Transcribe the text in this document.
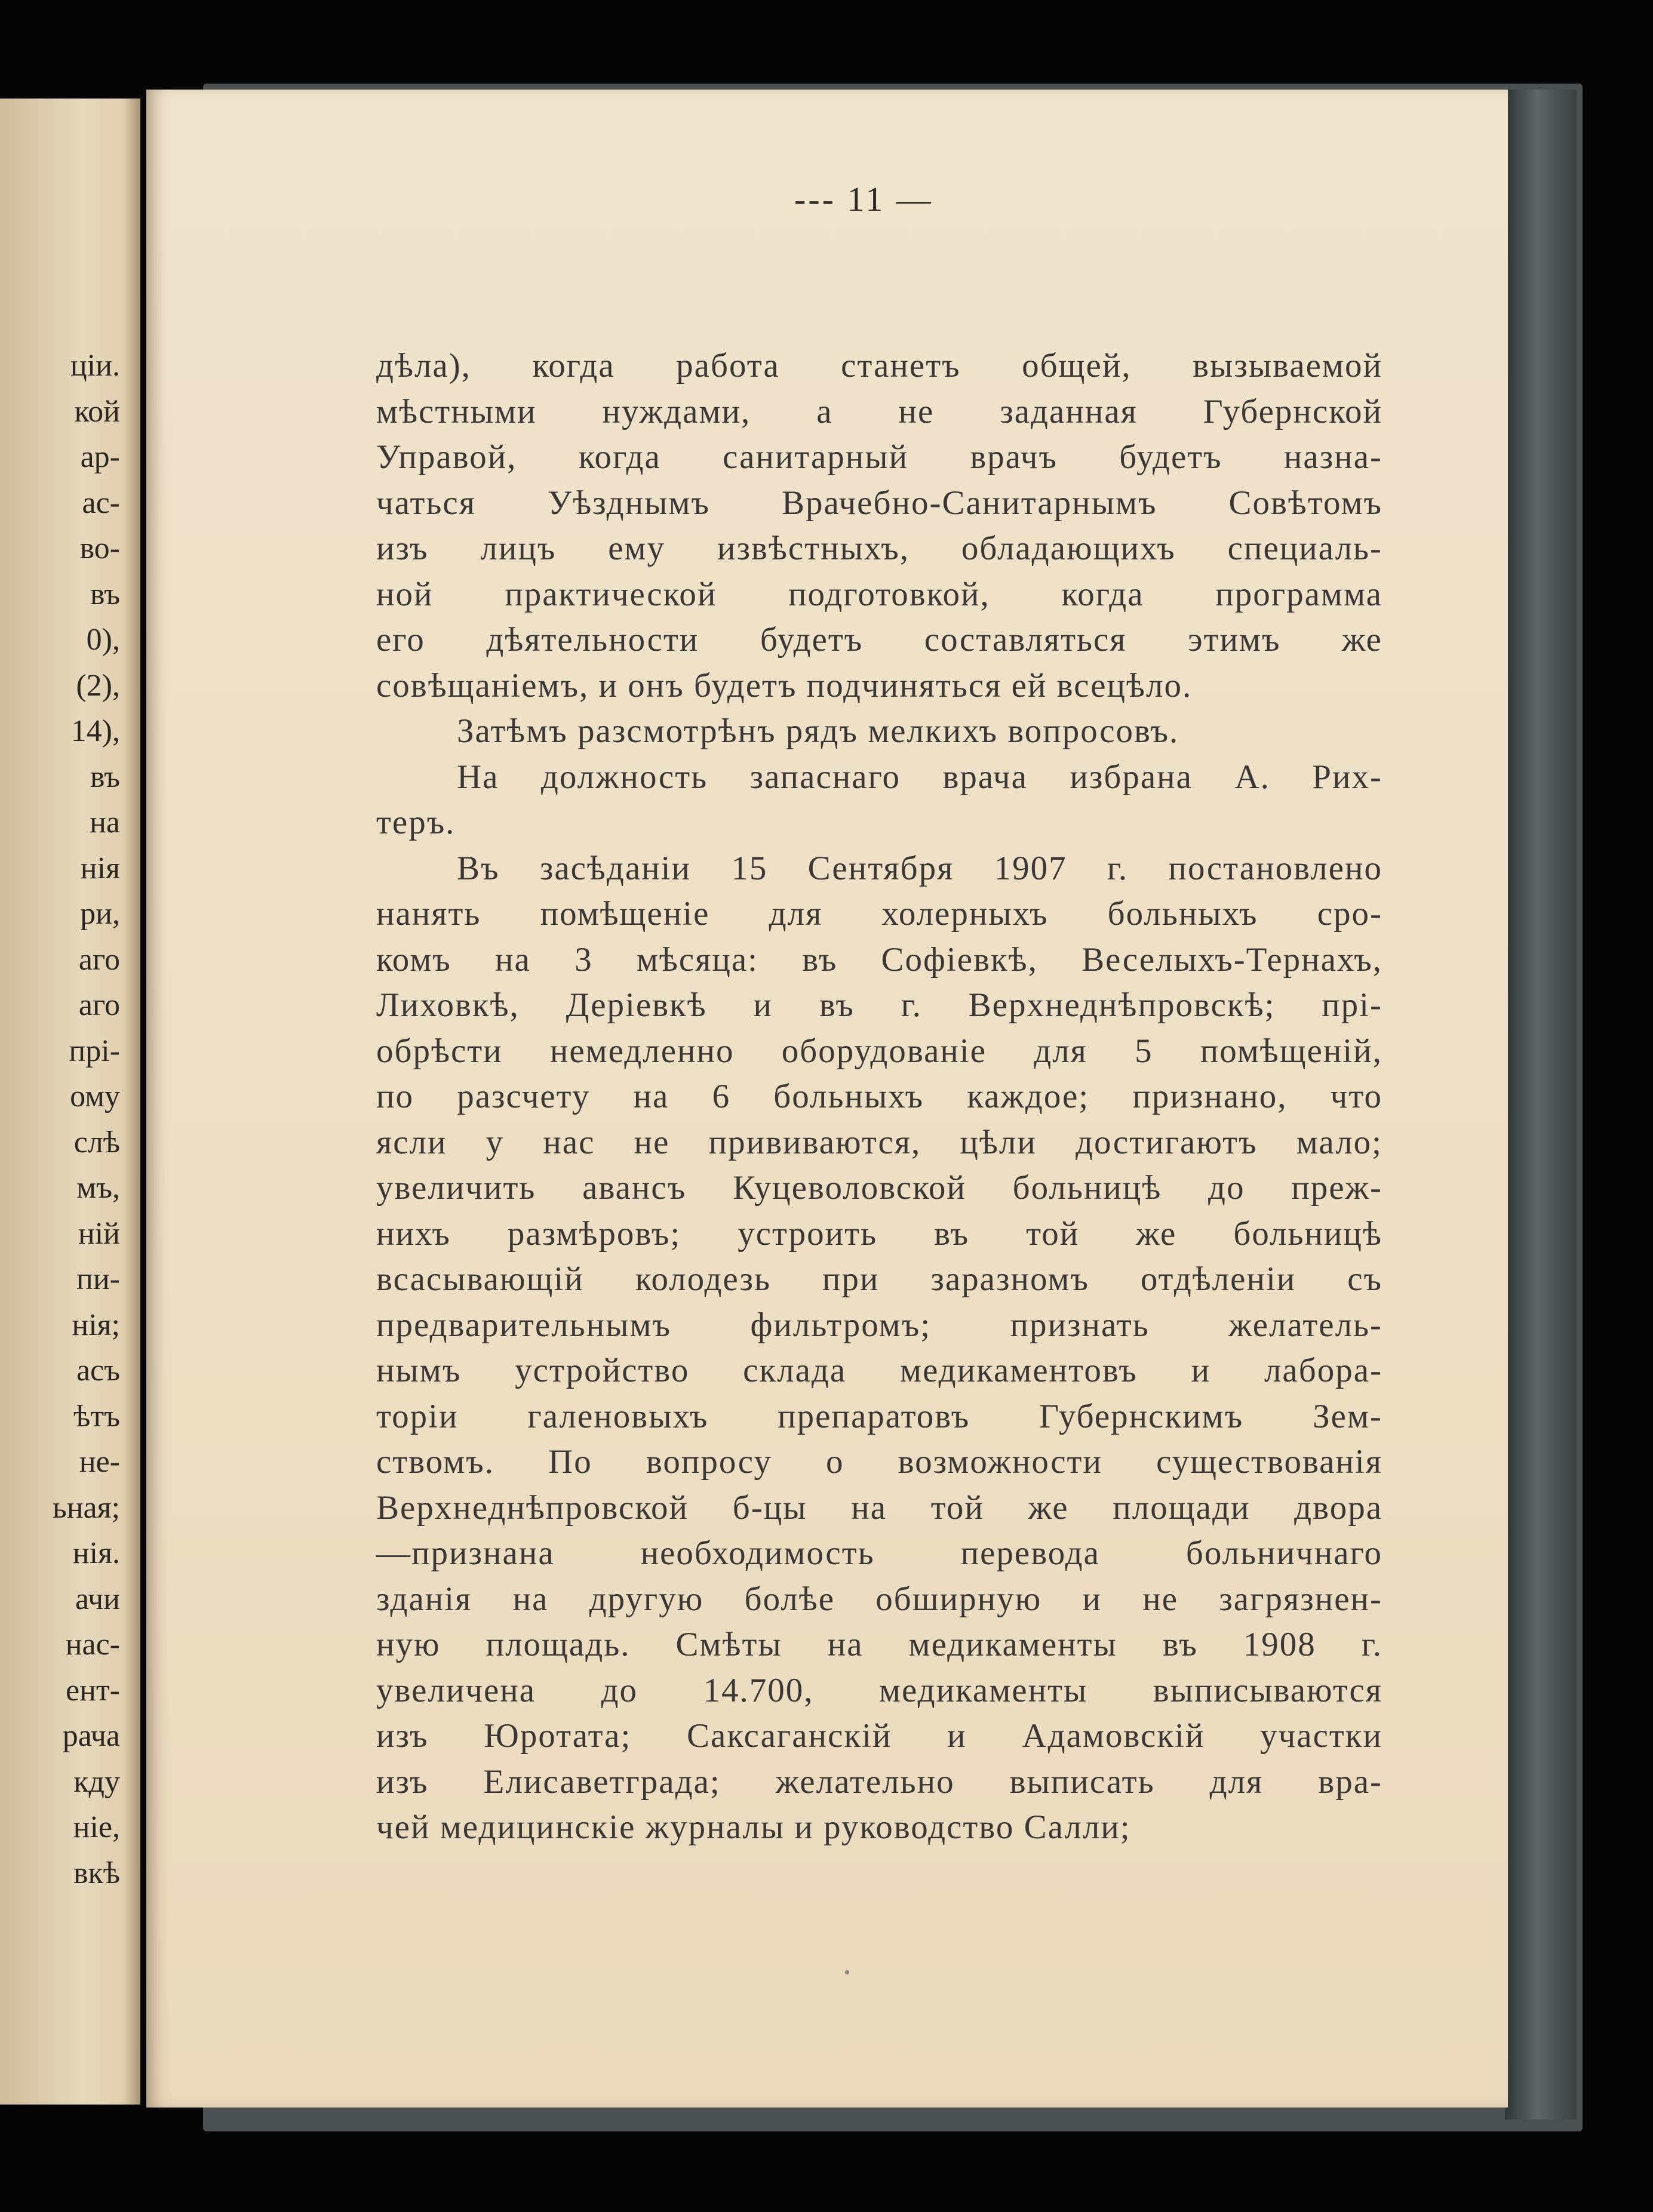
ціи.

кой

ар-

ас-

во-

въ

0),

(2),

14),

въ

на

нія

ри,

аго

аго

прі-

ому

слѣ

мъ,

ній

пи-

нія;

асъ

ѣтъ

не-

ьная;

нія.

ачи

нас-

ент-

рача

кду

ніе,

вкѣ

--- 11 —

дѣла), когда работа станетъ общей, вызываемой
мѣстными нуждами, а не заданная Губернской
Управой, когда санитарный врачъ будетъ назна-
чаться Уѣзднымъ Врачебно-Санитарнымъ Совѣтомъ
изъ лицъ ему извѣстныхъ, обладающихъ специаль-
ной практической подготовкой, когда программа
его дѣятельности будетъ составляться этимъ же
совѣщаніемъ, и онъ будетъ подчиняться ей всецѣло.

Затѣмъ разсмотрѣнъ рядъ мелкихъ вопросовъ.

На должность запаснаго врача избрана А. Рих-
теръ.

Въ засѣданіи 15 Сентября 1907 г. постановлено
нанять помѣщеніе для холерныхъ больныхъ сро-
комъ на 3 мѣсяца: въ Софіевкѣ, Веселыхъ-Тернахъ,
Лиховкѣ, Деріевкѣ и въ г. Верхнеднѣпровскѣ; прі-
обрѣсти немедленно оборудованіе для 5 помѣщеній,
по разсчету на 6 больныхъ каждое; признано, что
ясли у нас не прививаются, цѣли достигаютъ мало;
увеличить авансъ Куцеволовской больницѣ до преж-
нихъ размѣровъ; устроить въ той же больницѣ
всасывающій колодезь при заразномъ отдѣленіи съ
предварительнымъ фильтромъ; признать желатель-
нымъ устройство склада медикаментовъ и лабора-
торіи галеновыхъ препаратовъ Губернскимъ Зем-
ствомъ. По вопросу о возможности существованія
Верхнеднѣпровской б-цы на той же площади двора
—признана необходимость перевода больничнаго
зданія на другую болѣе обширную и не загрязнен-
ную площадь. Смѣты на медикаменты въ 1908 г.
увеличена до 14.700, медикаменты выписываются
изъ Юротата; Саксаганскій и Адамовскій участки
изъ Елисаветграда; желательно выписать для вра-
чей медицинскіе журналы и руководство Салли;
